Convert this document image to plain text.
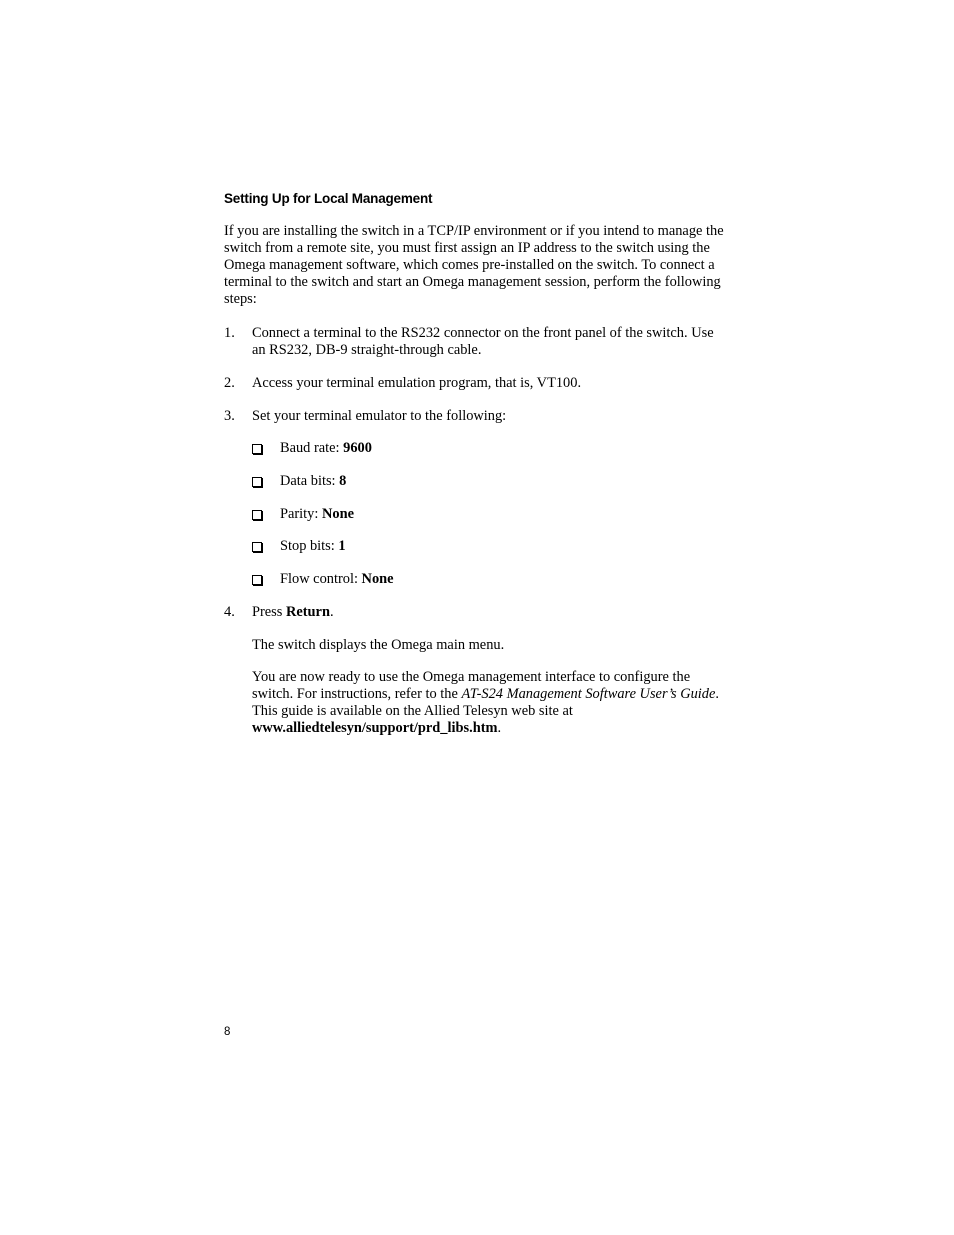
Setting Up for Local Management
If you are installing the switch in a TCP/IP environment or if you intend to manage the switch from a remote site, you must first assign an IP address to the switch using the Omega management software, which comes pre-installed on the switch. To connect a terminal to the switch and start an Omega management session, perform the following steps:
1. Connect a terminal to the RS232 connector on the front panel of the switch. Use an RS232, DB-9 straight-through cable.
2. Access your terminal emulation program, that is, VT100.
3. Set your terminal emulator to the following:
Baud rate: 9600
Data bits: 8
Parity: None
Stop bits: 1
Flow control: None
4. Press Return.
The switch displays the Omega main menu.
You are now ready to use the Omega management interface to configure the switch. For instructions, refer to the AT-S24 Management Software User’s Guide. This guide is available on the Allied Telesyn web site at www.alliedtelesyn/support/prd_libs.htm.
8
